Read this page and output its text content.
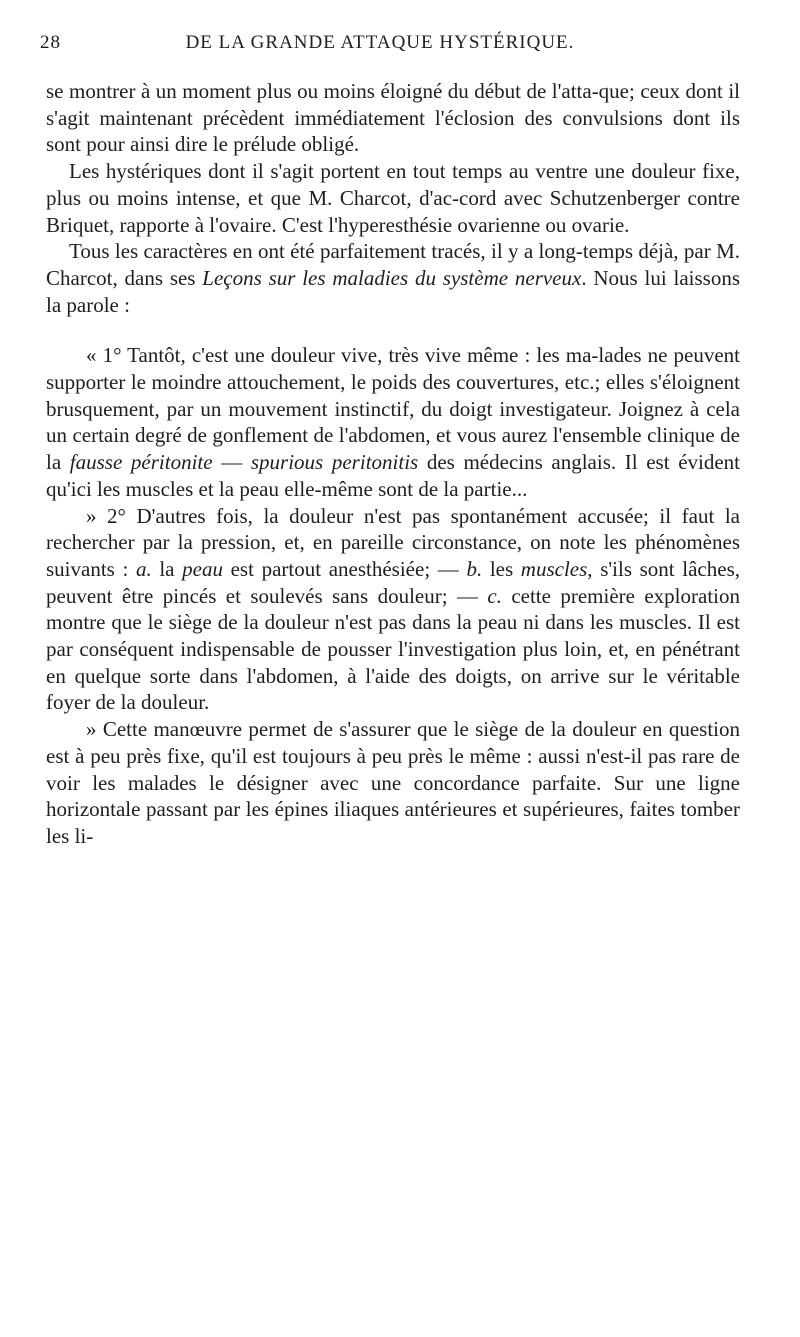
28	DE LA GRANDE ATTAQUE HYSTÉRIQUE.

se montrer à un moment plus ou moins éloigné du début de l'atta-que; ceux dont il s'agit maintenant précèdent immédiatement l'éclosion des convulsions dont ils sont pour ainsi dire le prélude obligé.

Les hystériques dont il s'agit portent en tout temps au ventre une douleur fixe, plus ou moins intense, et que M. Charcot, d'ac-cord avec Schutzenberger contre Briquet, rapporte à l'ovaire. C'est l'hyperesthésie ovarienne ou ovarie.

Tous les caractères en ont été parfaitement tracés, il y a long-temps déjà, par M. Charcot, dans ses Leçons sur les maladies du système nerveux. Nous lui laissons la parole :

« 1° Tantôt, c'est une douleur vive, très vive même : les ma-lades ne peuvent supporter le moindre attouchement, le poids des couvertures, etc.; elles s'éloignent brusquement, par un mouvement instinctif, du doigt investigateur. Joignez à cela un certain degré de gonflement de l'abdomen, et vous aurez l'ensemble clinique de la fausse péritonite — spurious peritonitis des médecins anglais. Il est évident qu'ici les muscles et la peau elle-même sont de la partie...

» 2° D'autres fois, la douleur n'est pas spontanément accusée; il faut la rechercher par la pression, et, en pareille circonstance, on note les phénomènes suivants : a. la peau est partout anesthésiée; — b. les muscles, s'ils sont lâches, peuvent être pincés et soulevés sans douleur; — c. cette première exploration montre que le siège de la douleur n'est pas dans la peau ni dans les muscles. Il est par conséquent indispensable de pousser l'investigation plus loin, et, en pénétrant en quelque sorte dans l'abdomen, à l'aide des doigts, on arrive sur le véritable foyer de la douleur.

» Cette manœuvre permet de s'assurer que le siège de la douleur en question est à peu près fixe, qu'il est toujours à peu près le même : aussi n'est-il pas rare de voir les malades le désigner avec une concordance parfaite. Sur une ligne horizontale passant par les épines iliaques antérieures et supérieures, faites tomber les li-
